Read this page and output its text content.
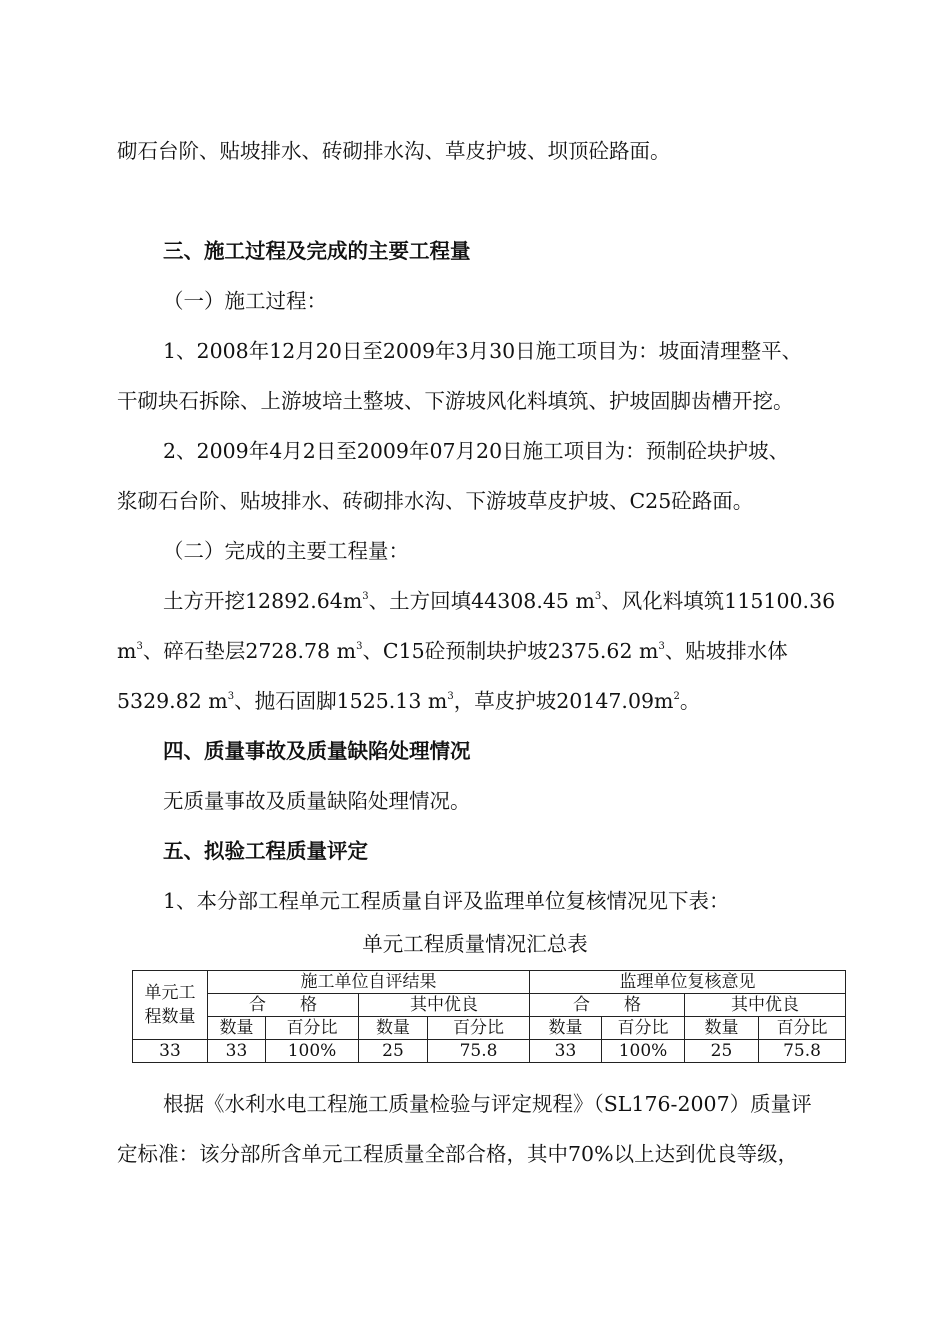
砌石台阶、贴坡排水、砖砌排水沟、草皮护坡、坝顶砼路面。
三、施工过程及完成的主要工程量
（一）施工过程：
1、2008年12月20日至2009年3月30日施工项目为：坡面清理整平、
干砌块石拆除、上游坡培土整坡、下游坡风化料填筑、护坡固脚齿槽开挖。
2、2009年4月2日至2009年07月20日施工项目为：预制砼块护坡、
浆砌石台阶、贴坡排水、砖砌排水沟、下游坡草皮护坡、C25砼路面。
（二）完成的主要工程量：
土方开挖$12892.64m^3$、土方回填44308.45 $m^3$、风化料填筑115100.36
$m^3$、碎石垫层2728.78 $m^3$、C15砼预制块护坡2375.62 $m^3$、贴坡排水体
5329.82 $m^3$、抛石固脚1525.13 $m^3$，草皮护坡$20147.09m^2$。
四、质量事故及质量缺陷处理情况
无质量事故及质量缺陷处理情况。
五、拟验工程质量评定
1、本分部工程单元工程质量自评及监理单位复核情况见下表：
单元工程质量情况汇总表
单元工程数量	施工单位自评结果				监理单位复核意见			
	合　　格		其中优良		合　　格		其中优良	
	数量	百分比	数量	百分比	数量	百分比	数量	百分比
33	33	100%	25	75.8	33	100%	25	75.8
根据《水利水电工程施工质量检验与评定规程》（SL176-2007）质量评
定标准：该分部所含单元工程质量全部合格，其中70%以上达到优良等级，
